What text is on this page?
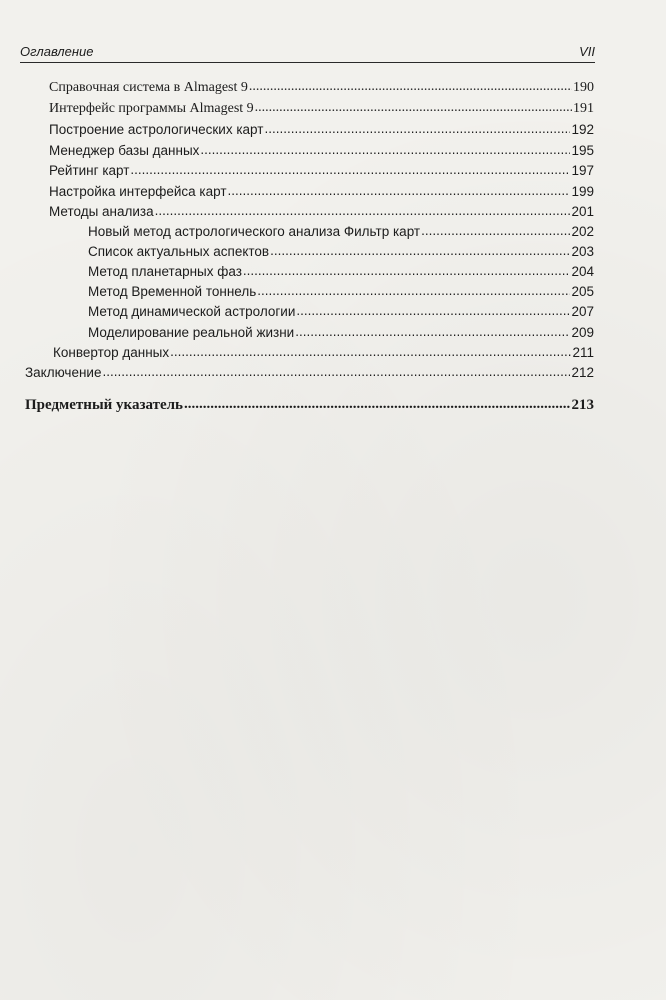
Оглавление	VII
Справочная система в Almagest 9 .....	190
Интерфейс программы Almagest 9 .....	191
Построение астрологических карт .....	192
Менеджер базы данных .....	195
Рейтинг карт .....	197
Настройка интерфейса карт .....	199
Методы анализа .....	201
Новый метод астрологического анализа Фильтр карт .....	202
Список актуальных аспектов .....	203
Метод планетарных фаз .....	204
Метод Временной тоннель .....	205
Метод динамической астрологии .....	207
Моделирование реальной жизни .....	209
Конвертор данных .....	211
Заключение .....	212
Предметный указатель .....	213
